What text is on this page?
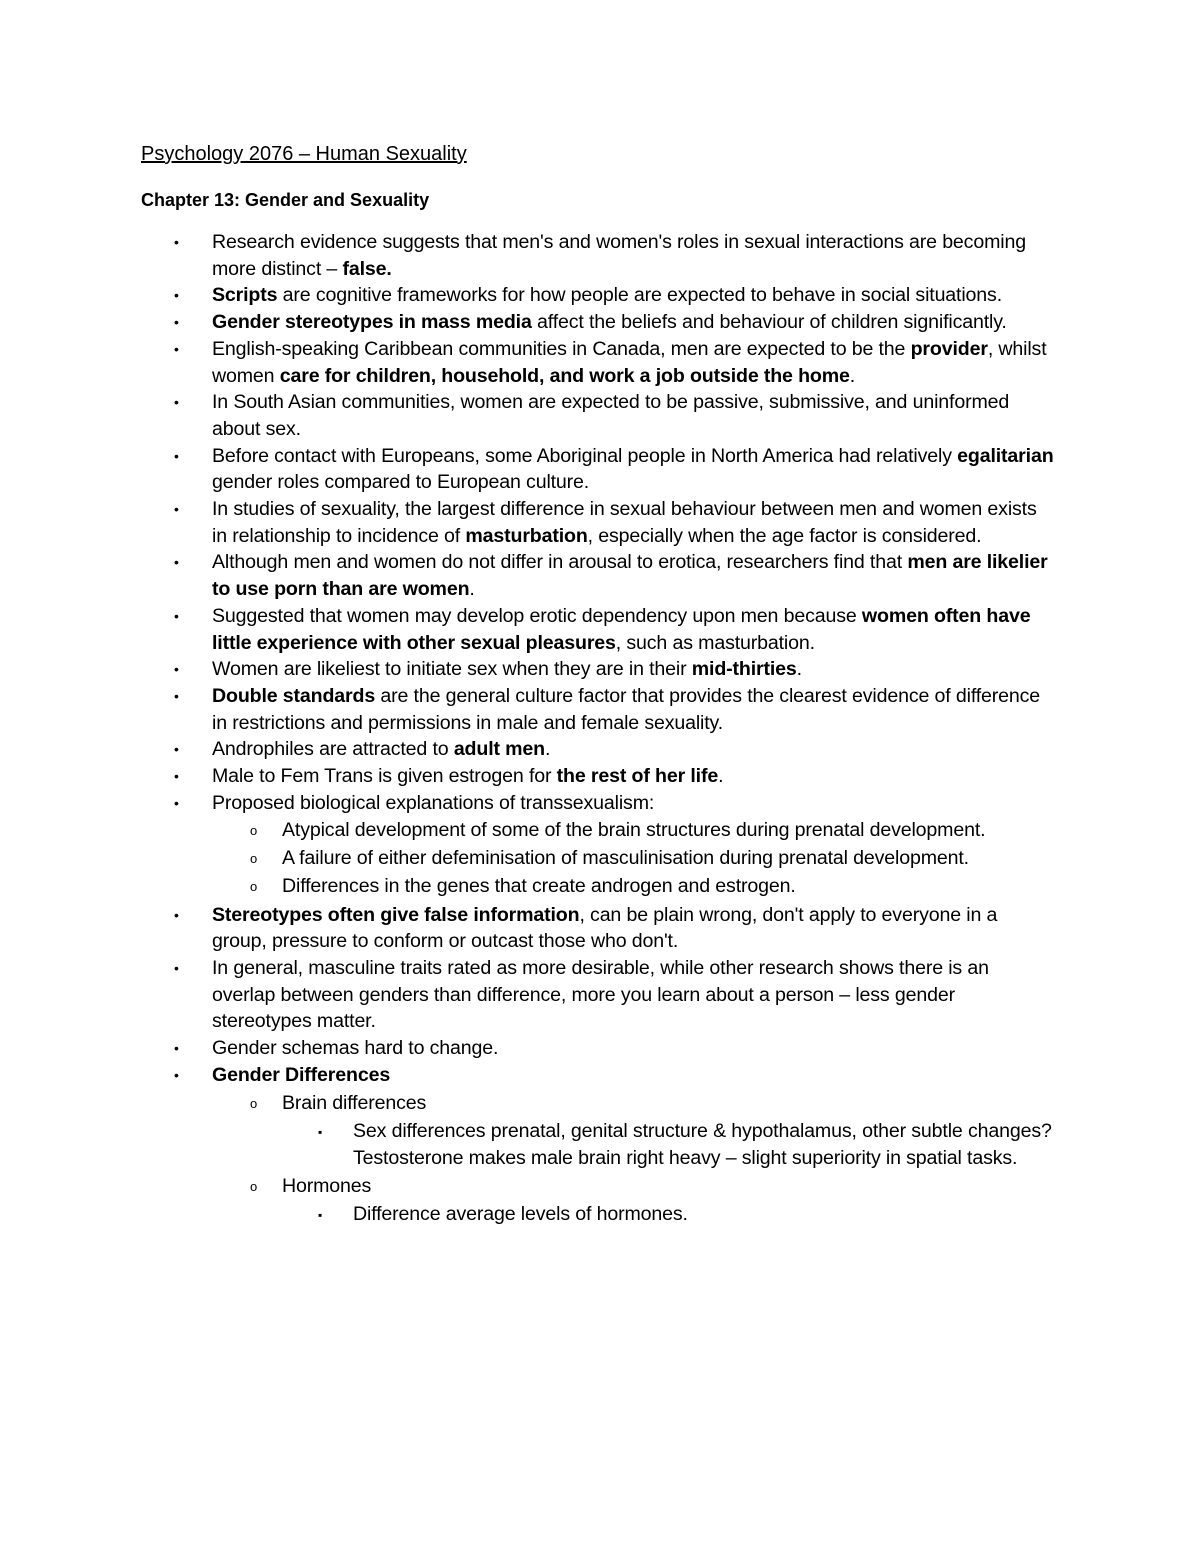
Psychology 2076 – Human Sexuality
Chapter 13: Gender and Sexuality
• Research evidence suggests that men's and women's roles in sexual interactions are becoming more distinct – false.
• Scripts are cognitive frameworks for how people are expected to behave in social situations.
• Gender stereotypes in mass media affect the beliefs and behaviour of children significantly.
• English-speaking Caribbean communities in Canada, men are expected to be the provider, whilst women care for children, household, and work a job outside the home.
• In South Asian communities, women are expected to be passive, submissive, and uninformed about sex.
• Before contact with Europeans, some Aboriginal people in North America had relatively egalitarian gender roles compared to European culture.
• In studies of sexuality, the largest difference in sexual behaviour between men and women exists in relationship to incidence of masturbation, especially when the age factor is considered.
• Although men and women do not differ in arousal to erotica, researchers find that men are likelier to use porn than are women.
• Suggested that women may develop erotic dependency upon men because women often have little experience with other sexual pleasures, such as masturbation.
• Women are likeliest to initiate sex when they are in their mid-thirties.
• Double standards are the general culture factor that provides the clearest evidence of difference in restrictions and permissions in male and female sexuality.
• Androphiles are attracted to adult men.
• Male to Fem Trans is given estrogen for the rest of her life.
• Proposed biological explanations of transsexualism:
o Atypical development of some of the brain structures during prenatal development.
o A failure of either defeminisation of masculinisation during prenatal development.
o Differences in the genes that create androgen and estrogen.
• Stereotypes often give false information, can be plain wrong, don't apply to everyone in a group, pressure to conform or outcast those who don't.
• In general, masculine traits rated as more desirable, while other research shows there is an overlap between genders than difference, more you learn about a person – less gender stereotypes matter.
• Gender schemas hard to change.
• Gender Differences
o Brain differences
▪ Sex differences prenatal, genital structure & hypothalamus, other subtle changes? Testosterone makes male brain right heavy – slight superiority in spatial tasks.
o Hormones
▪ Difference average levels of hormones.
